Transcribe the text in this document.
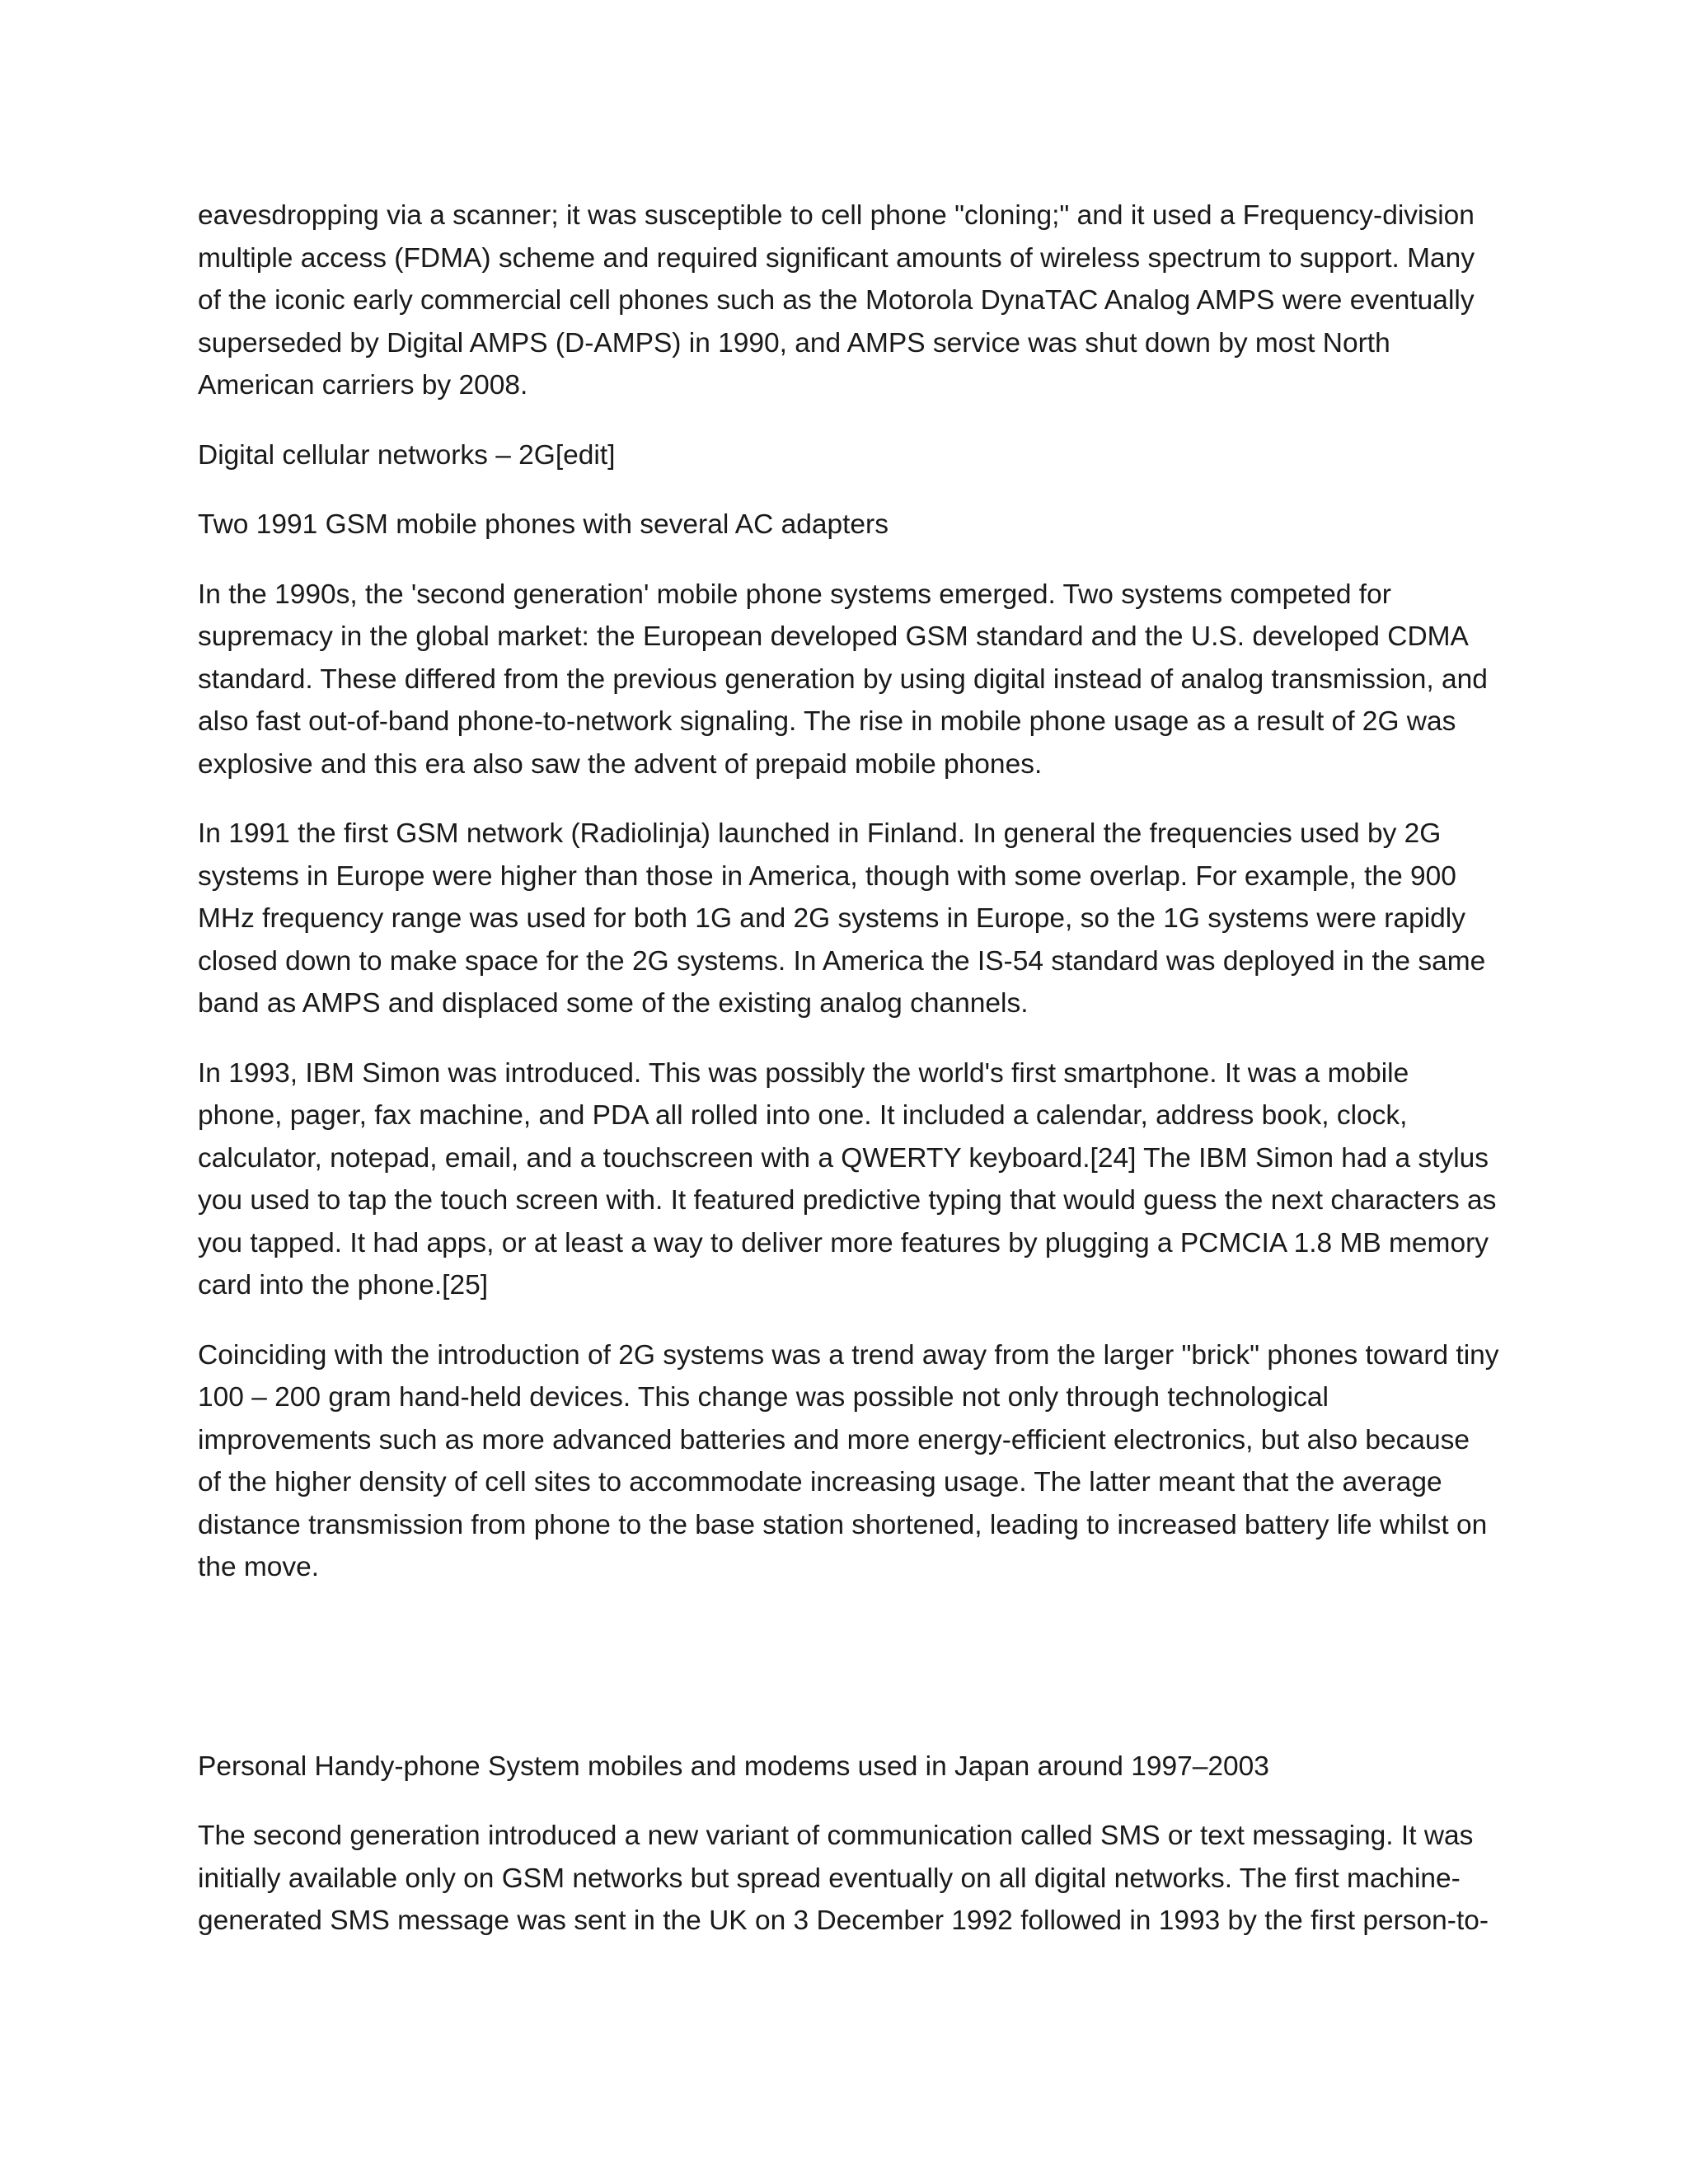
eavesdropping via a scanner; it was susceptible to cell phone "cloning;" and it used a Frequency-division multiple access (FDMA) scheme and required significant amounts of wireless spectrum to support. Many of the iconic early commercial cell phones such as the Motorola DynaTAC Analog AMPS were eventually superseded by Digital AMPS (D-AMPS) in 1990, and AMPS service was shut down by most North American carriers by 2008.

Digital cellular networks – 2G[edit]

Two 1991 GSM mobile phones with several AC adapters

In the 1990s, the 'second generation' mobile phone systems emerged. Two systems competed for supremacy in the global market: the European developed GSM standard and the U.S. developed CDMA standard. These differed from the previous generation by using digital instead of analog transmission, and also fast out-of-band phone-to-network signaling. The rise in mobile phone usage as a result of 2G was explosive and this era also saw the advent of prepaid mobile phones.

In 1991 the first GSM network (Radiolinja) launched in Finland. In general the frequencies used by 2G systems in Europe were higher than those in America, though with some overlap. For example, the 900 MHz frequency range was used for both 1G and 2G systems in Europe, so the 1G systems were rapidly closed down to make space for the 2G systems. In America the IS-54 standard was deployed in the same band as AMPS and displaced some of the existing analog channels.

In 1993, IBM Simon was introduced. This was possibly the world's first smartphone. It was a mobile phone, pager, fax machine, and PDA all rolled into one. It included a calendar, address book, clock, calculator, notepad, email, and a touchscreen with a QWERTY keyboard.[24] The IBM Simon had a stylus you used to tap the touch screen with. It featured predictive typing that would guess the next characters as you tapped. It had apps, or at least a way to deliver more features by plugging a PCMCIA 1.8 MB memory card into the phone.[25]

Coinciding with the introduction of 2G systems was a trend away from the larger "brick" phones toward tiny 100 – 200 gram hand-held devices. This change was possible not only through technological improvements such as more advanced batteries and more energy-efficient electronics, but also because of the higher density of cell sites to accommodate increasing usage. The latter meant that the average distance transmission from phone to the base station shortened, leading to increased battery life whilst on the move.

Personal Handy-phone System mobiles and modems used in Japan around 1997–2003

The second generation introduced a new variant of communication called SMS or text messaging. It was initially available only on GSM networks but spread eventually on all digital networks. The first machine-generated SMS message was sent in the UK on 3 December 1992 followed in 1993 by the first person-to-
